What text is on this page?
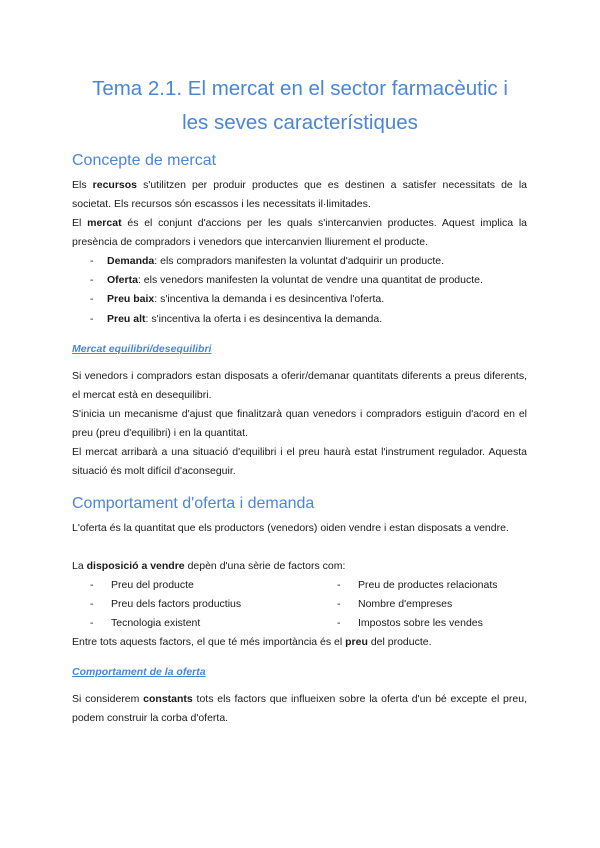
Tema 2.1. El mercat en el sector farmacèutic i
les seves característiques
Concepte de mercat

Els recursos s'utilitzen per produir productes que es destinen a satisfer necessitats de la societat. Els recursos són escassos i les necessitats il·limitades.

El mercat és el conjunt d'accions per les quals s'intercanvien productes. Aquest implica la presència de compradors i venedors que intercanvien lliurement el producte.

- Demanda: els compradors manifesten la voluntat d'adquirir un producte.
- Oferta: els venedors manifesten la voluntat de vendre una quantitat de producte.
- Preu baix: s'incentiva la demanda i es desincentiva l'oferta.
- Preu alt: s'incentiva la oferta i es desincentiva la demanda.
Mercat equilibri/desequilibri

Si venedors i compradors estan disposats a oferir/demanar quantitats diferents a preus diferents, el mercat està en desequilibri.

S'inicia un mecanisme d'ajust que finalitzarà quan venedors i compradors estiguin d'acord en el preu (preu d'equilibri) i en la quantitat.

El mercat arribarà a una situació d'equilibri i el preu haurà estat l'instrument regulador. Aquesta situació és molt difícil d'aconseguir.

Comportament d'oferta i demanda

L'oferta és la quantitat que els productors (venedors) oiden vendre i estan disposats a vendre.

La disposició a vendre depèn d'una sèrie de factors com:

- Preu del producte
- Preu dels factors productius
- Tecnologia existent
- Preu de productes relacionats
- Nombre d'empreses
- Impostos sobre les vendes

Entre tots aquests factors, el que té més importància és el preu del producte.

Comportament de la oferta

Si considerem constants tots els factors que influeixen sobre la oferta d'un bé excepte el preu, podem construir la corba d'oferta.
